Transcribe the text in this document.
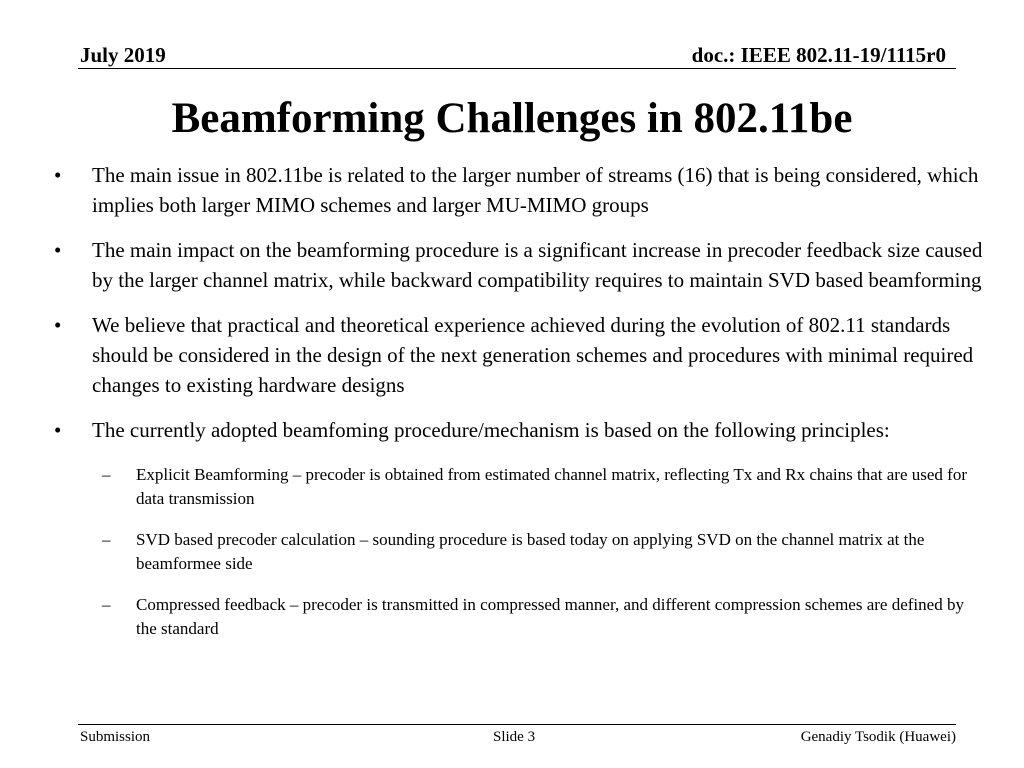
July 2019	doc.: IEEE 802.11-19/1115r0
Beamforming Challenges in 802.11be
• The main issue in 802.11be is related to the larger number of streams (16) that is being considered, which implies both larger MIMO schemes and larger MU-MIMO groups
• The main impact on the beamforming procedure is a significant increase in precoder feedback size caused by the larger channel matrix, while backward compatibility requires to maintain SVD based beamforming
• We believe that practical and theoretical experience achieved during the evolution of 802.11 standards should be considered in the design of the next generation schemes and procedures with minimal required changes to existing hardware designs
• The currently adopted beamfoming procedure/mechanism is based on the following principles:
– Explicit Beamforming – precoder is obtained from estimated channel matrix, reflecting Tx and Rx chains that are used for data transmission
– SVD based precoder calculation – sounding procedure is based today on applying SVD on the channel matrix at the beamformee side
– Compressed feedback – precoder is transmitted in compressed manner, and different compression schemes are defined by the standard
Submission	Slide 3	Genadiy Tsodik (Huawei)
